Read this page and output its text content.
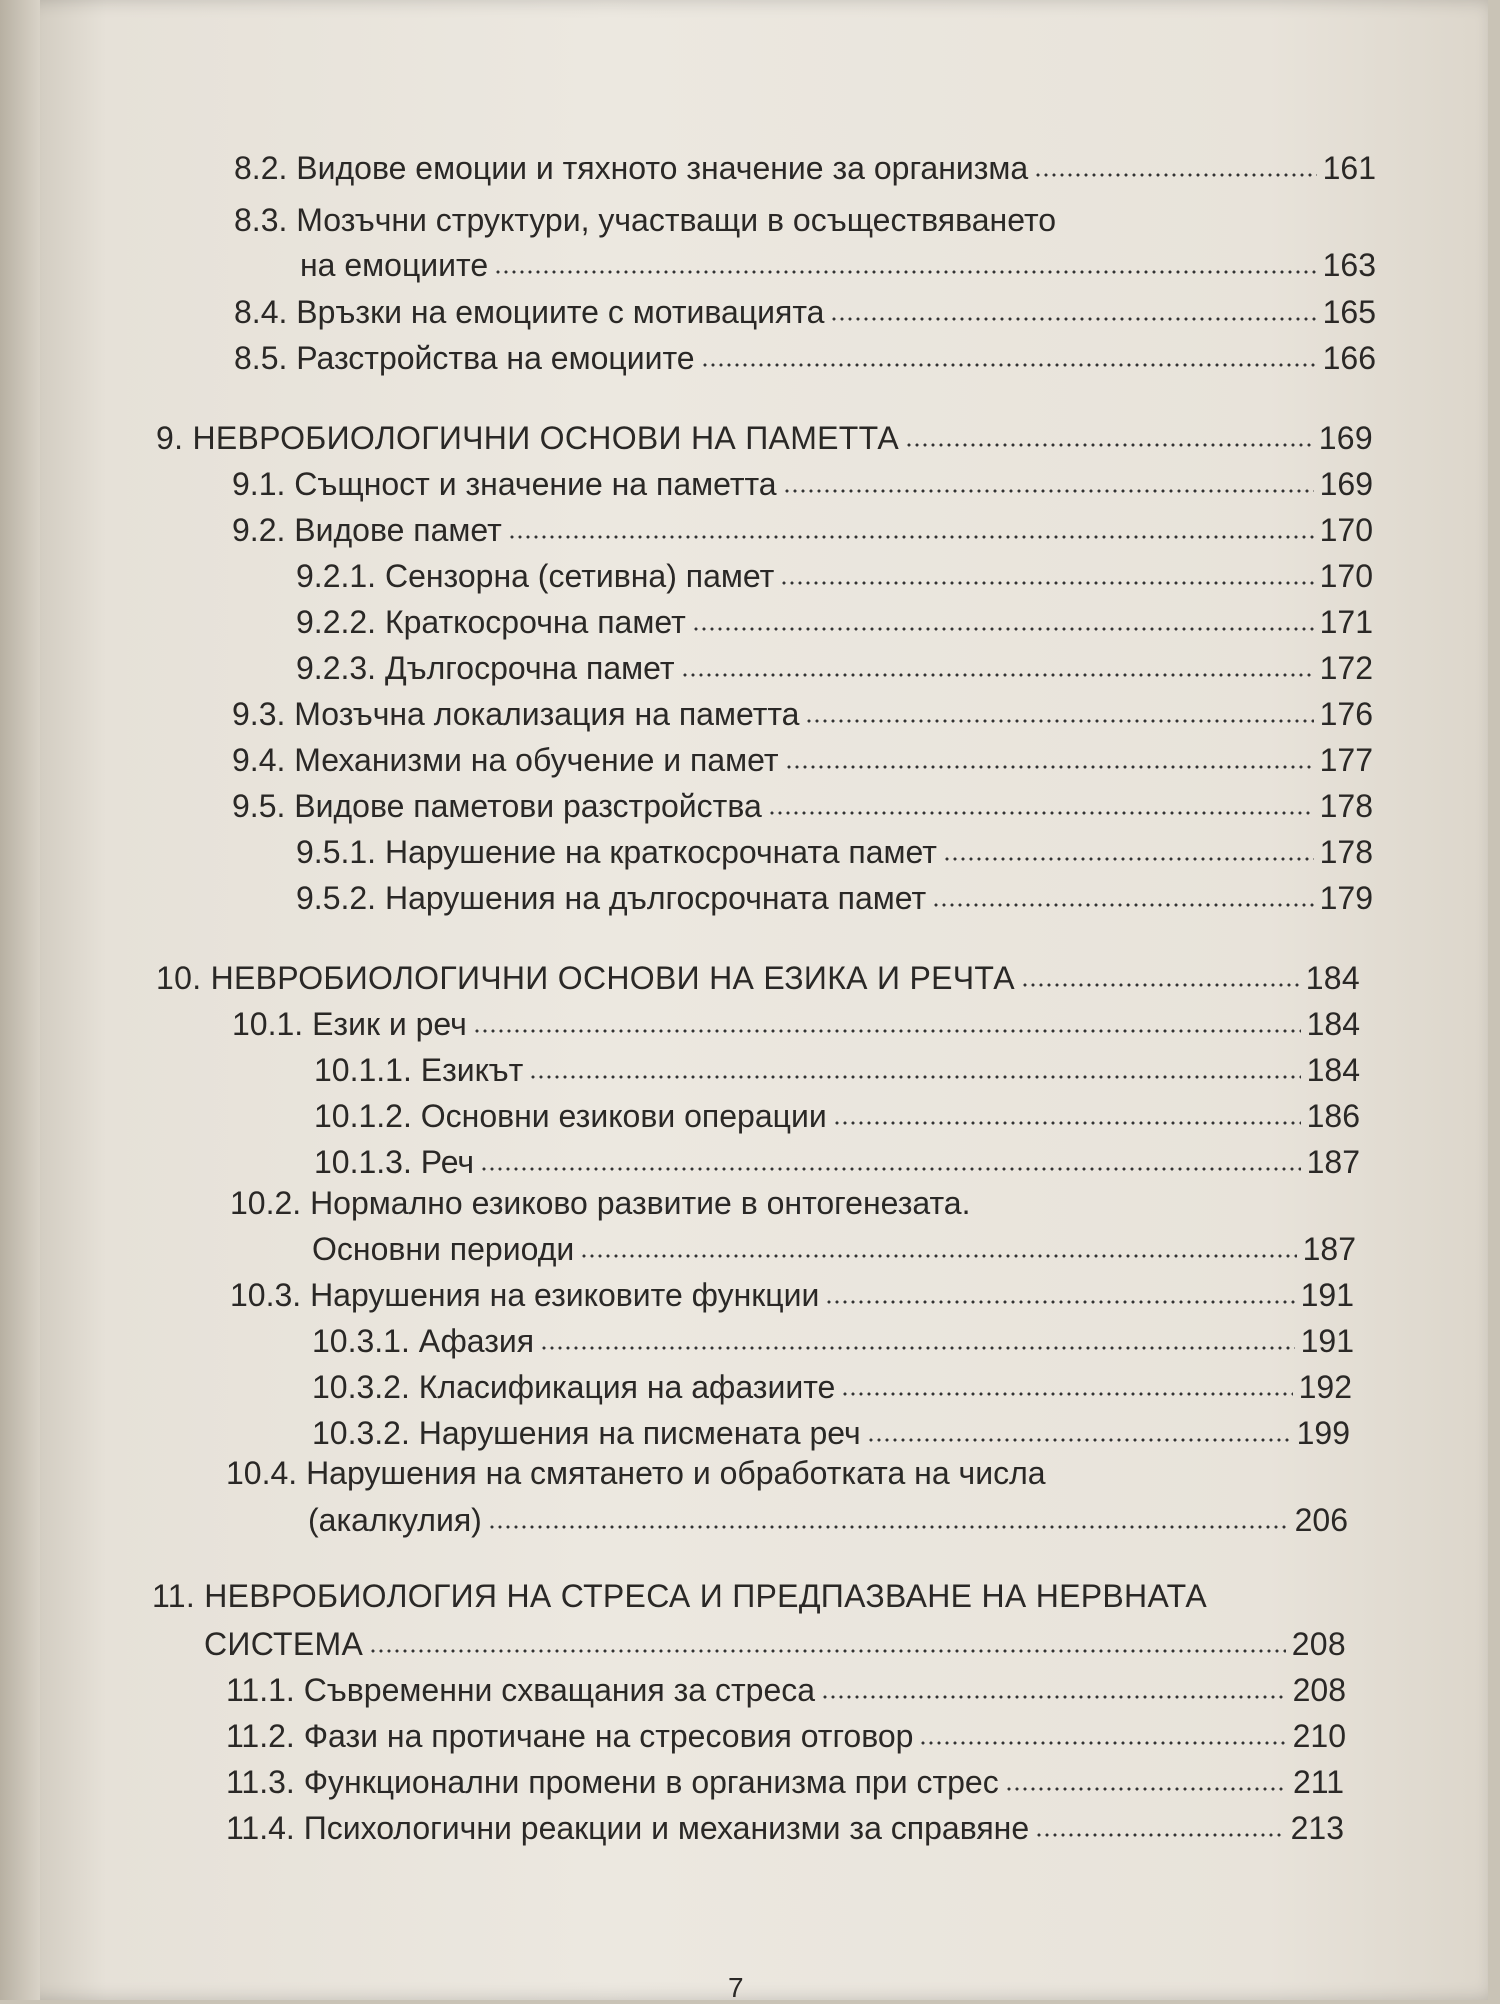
8.2. Видове емоции и тяхното значение за организма	161
8.3. Мозъчни структури, участващи в осъществяването
на емоциите	163
8.4. Връзки на емоциите с мотивацията	165
8.5. Разстройства на емоциите	166
9. НЕВРОБИОЛОГИЧНИ ОСНОВИ НА ПАМЕТТА	169
9.1. Същност и значение на паметта	169
9.2. Видове памет	170
9.2.1. Сензорна (сетивна) памет	170
9.2.2. Краткосрочна памет	171
9.2.3. Дългосрочна памет	172
9.3. Мозъчна локализация на паметта	176
9.4. Механизми на обучение и памет	177
9.5. Видове паметови разстройства	178
9.5.1. Нарушение на краткосрочната памет	178
9.5.2. Нарушения на дългосрочната памет	179
10. НЕВРОБИОЛОГИЧНИ ОСНОВИ НА ЕЗИКА И РЕЧТА	184
10.1. Език и реч	184
10.1.1. Езикът	184
10.1.2. Основни езикови операции	186
10.1.3. Реч	187
10.2. Нормално езиково развитие в онтогенезата.
Основни периоди	187
10.3. Нарушения на езиковите функции	191
10.3.1. Афазия	191
10.3.2. Класификация на афазиите	192
10.3.2. Нарушения на писмената реч	199
10.4. Нарушения на смятането и обработката на числа
(акалкулия)	206
11. НЕВРОБИОЛОГИЯ НА СТРЕСА И ПРЕДПАЗВАНЕ НА НЕРВНАТА
СИСТЕМА	208
11.1. Съвременни схващания за стреса	208
11.2. Фази на протичане на стресовия отговор	210
11.3. Функционални промени в организма при стрес	211
11.4. Психологични реакции и механизми за справяне	213
7
